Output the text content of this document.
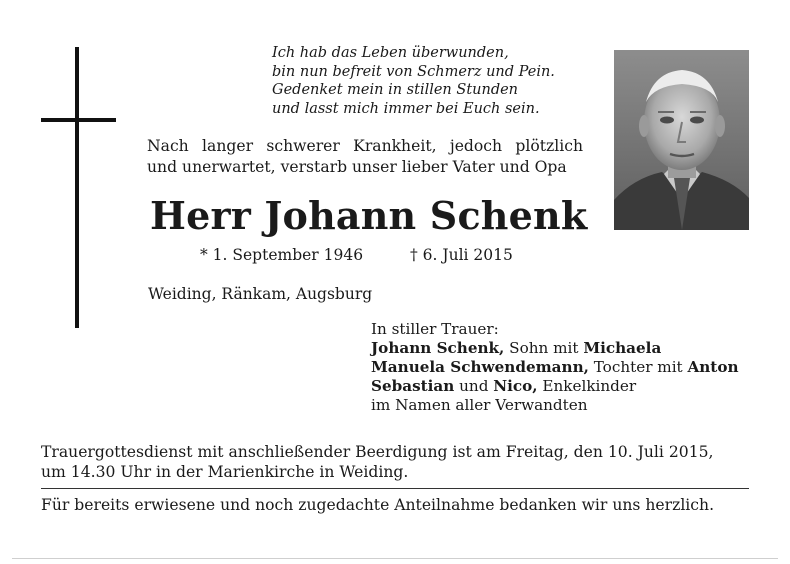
Ich hab das Leben überwunden,
bin nun befreit von Schmerz und Pein.
Gedenket mein in stillen Stunden
und lasst mich immer bei Euch sein.
Nach langer schwerer Krankheit, jedoch plötzlich
und unerwartet, verstarb unser lieber Vater und Opa
Herr Johann Schenk
* 1. September 1946	† 6. Juli 2015
Weiding, Ränkam, Augsburg
In stiller Trauer:
Johann Schenk, Sohn mit Michaela
Manuela Schwendemann, Tochter mit Anton
Sebastian und Nico, Enkelkinder
im Namen aller Verwandten
Trauergottesdienst mit anschließender Beerdigung ist am Freitag, den 10. Juli 2015,
um 14.30 Uhr in der Marienkirche in Weiding.
Für bereits erwiesene und noch zugedachte Anteilnahme bedanken wir uns herzlich.
